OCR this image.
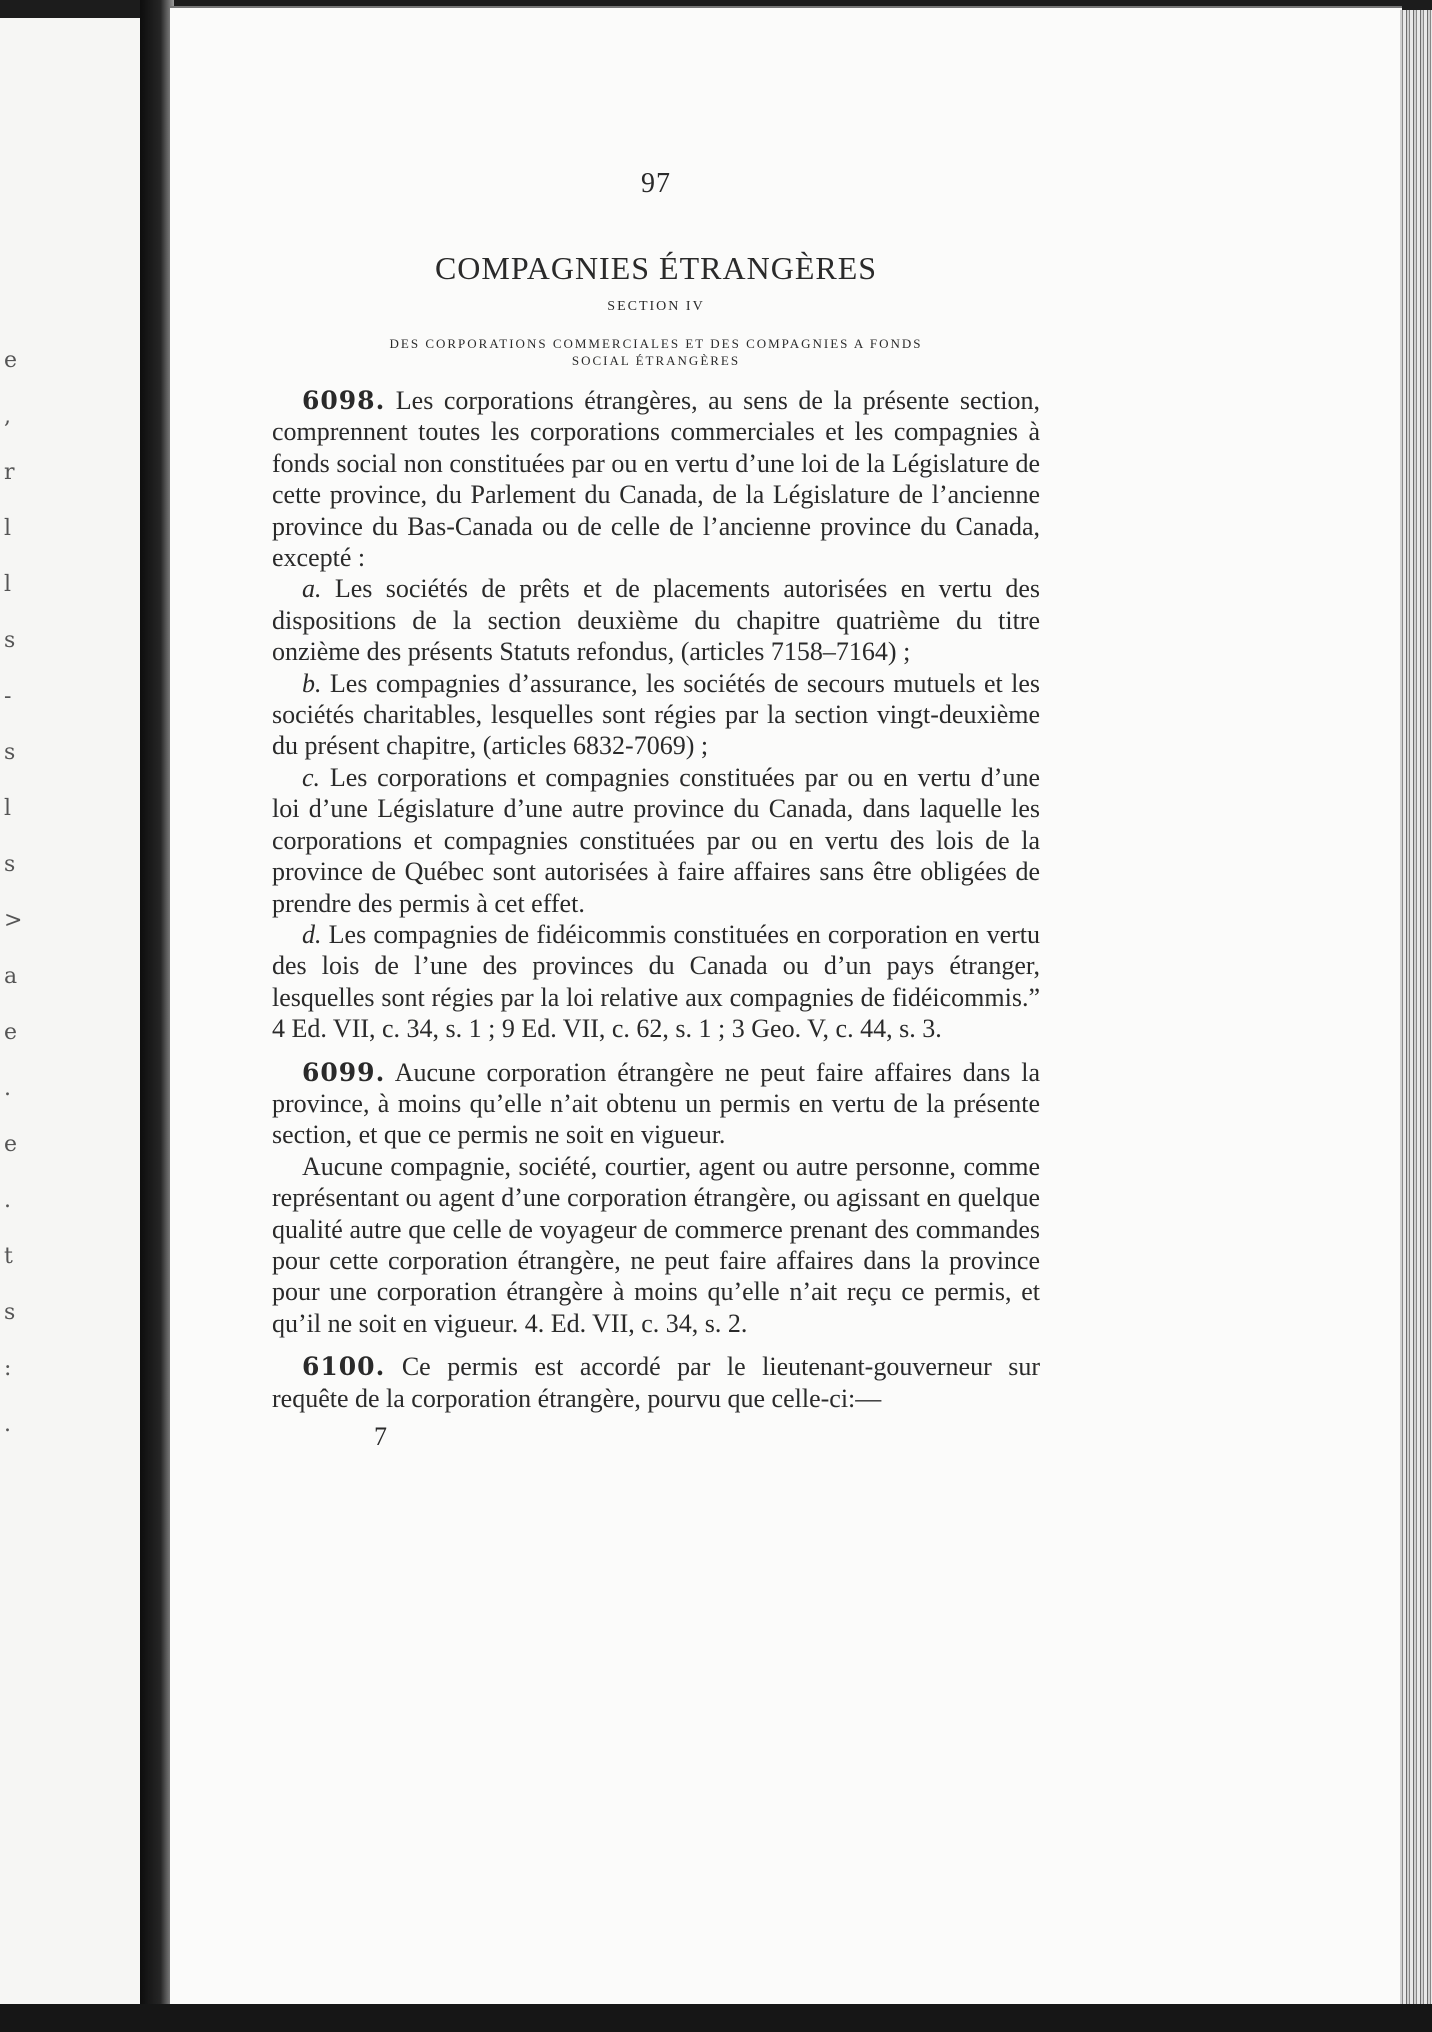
e
,
r
l
l
s
-
s
l
s
>
a
e
.
e
.
t
s
:
.
97
COMPAGNIES ÉTRANGÈRES
SECTION IV
DES CORPORATIONS COMMERCIALES ET DES COMPAGNIES A FONDS
SOCIAL ÉTRANGÈRES

6098. Les corporations étrangères, au sens de la présente section, comprennent toutes les corporations commerciales et les compagnies à fonds social non constituées par ou en vertu d’une loi de la Législature de cette province, du Parlement du Canada, de la Législature de l’ancienne province du Bas-Canada ou de celle de l’ancienne province du Canada, excepté :

a. Les sociétés de prêts et de placements autorisées en vertu des dispositions de la section deuxième du chapitre quatrième du titre onzième des présents Statuts refondus, (articles 7158–7164) ;

b. Les compagnies d’assurance, les sociétés de secours mutuels et les sociétés charitables, lesquelles sont régies par la section vingt-deuxième du présent chapitre, (articles 6832-7069) ;

c. Les corporations et compagnies constituées par ou en vertu d’une loi d’une Législature d’une autre province du Canada, dans laquelle les corporations et compagnies constituées par ou en vertu des lois de la province de Québec sont autorisées à faire affaires sans être obligées de prendre des permis à cet effet.

d. Les compagnies de fidéicommis constituées en corporation en vertu des lois de l’une des provinces du Canada ou d’un pays étranger, lesquelles sont régies par la loi relative aux compagnies de fidéicommis.” 4 Ed. VII, c. 34, s. 1 ; 9 Ed. VII, c. 62, s. 1 ; 3 Geo. V, c. 44, s. 3.

6099. Aucune corporation étrangère ne peut faire affaires dans la province, à moins qu’elle n’ait obtenu un permis en vertu de la présente section, et que ce permis ne soit en vigueur.

Aucune compagnie, société, courtier, agent ou autre personne, comme représentant ou agent d’une corporation étrangère, ou agissant en quelque qualité autre que celle de voyageur de commerce prenant des commandes pour cette corporation étrangère, ne peut faire affaires dans la province pour une corporation étrangère à moins qu’elle n’ait reçu ce permis, et qu’il ne soit en vigueur. 4. Ed. VII, c. 34, s. 2.

6100. Ce permis est accordé par le lieutenant-gouverneur sur requête de la corporation étrangère, pourvu que celle-ci:—

7
